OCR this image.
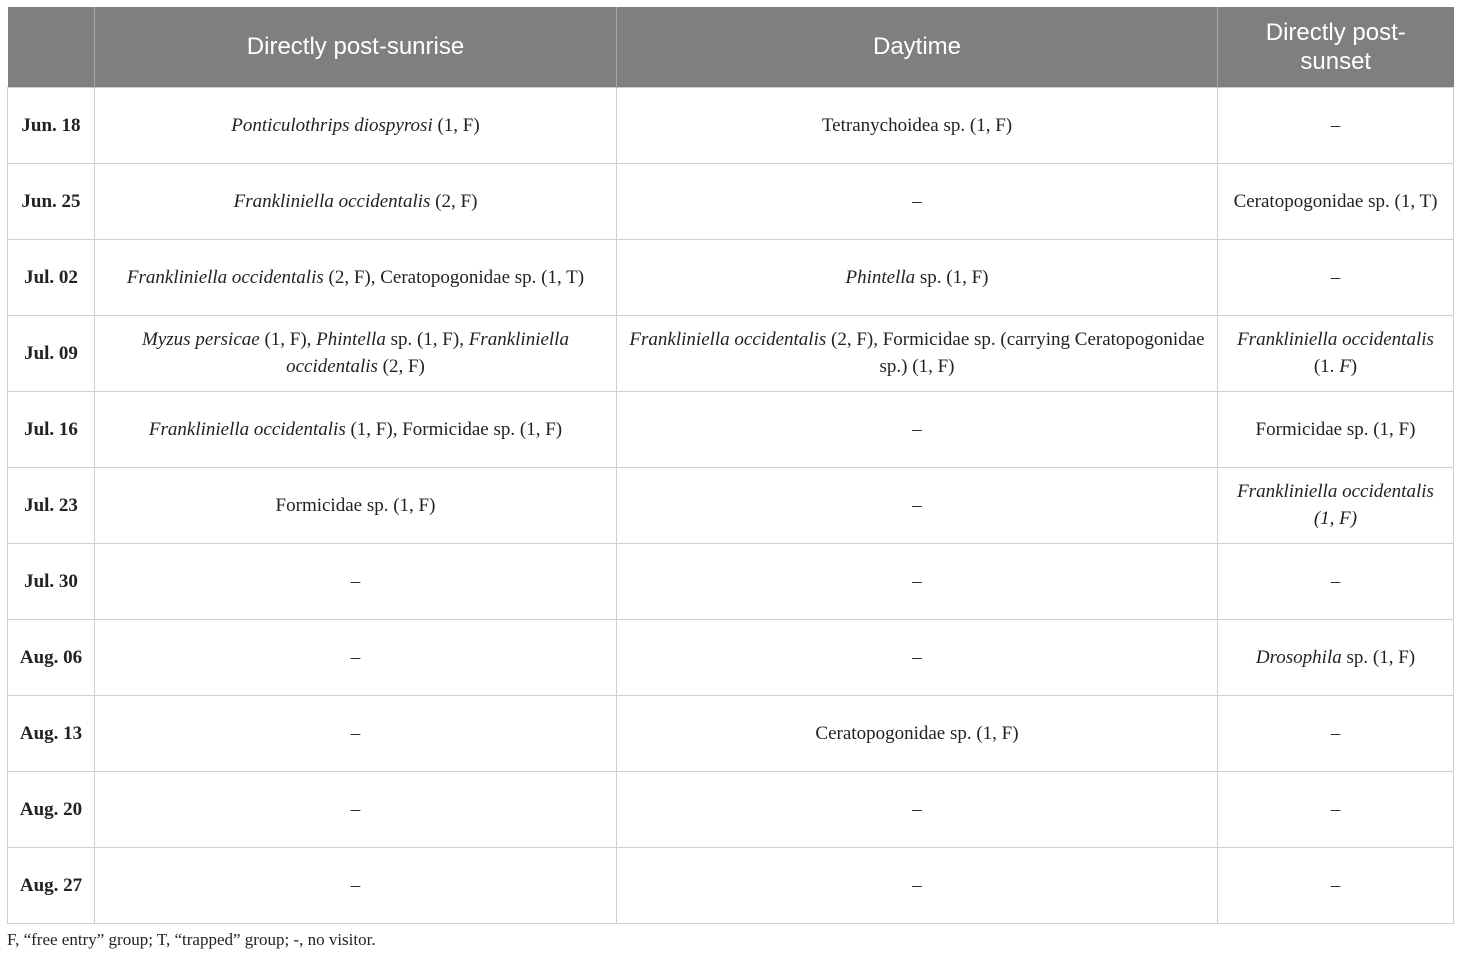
	Directly post-sunrise	Daytime	Directly post-sunset
Jun. 18	Ponticulothrips diospyrosi (1, F)	Tetranychoidea sp. (1, F)	–
Jun. 25	Frankliniella occidentalis (2, F)	–	Ceratopogonidae sp. (1, T)
Jul. 02	Frankliniella occidentalis (2, F), Ceratopogonidae sp. (1, T)	Phintella sp. (1, F)	–
Jul. 09	Myzus persicae (1, F), Phintella sp. (1, F), Frankliniella occidentalis (2, F)	Frankliniella occidentalis (2, F), Formicidae sp. (carrying Ceratopogonidae sp.) (1, F)	Frankliniella occidentalis (1. F)
Jul. 16	Frankliniella occidentalis (1, F), Formicidae sp. (1, F)	–	Formicidae sp. (1, F)
Jul. 23	Formicidae sp. (1, F)	–	Frankliniella occidentalis (1, F)
Jul. 30	–	–	–
Aug. 06	–	–	Drosophila sp. (1, F)
Aug. 13	–	Ceratopogonidae sp. (1, F)	–
Aug. 20	–	–	–
Aug. 27	–	–	–
F, “free entry” group; T, “trapped” group; -, no visitor.
